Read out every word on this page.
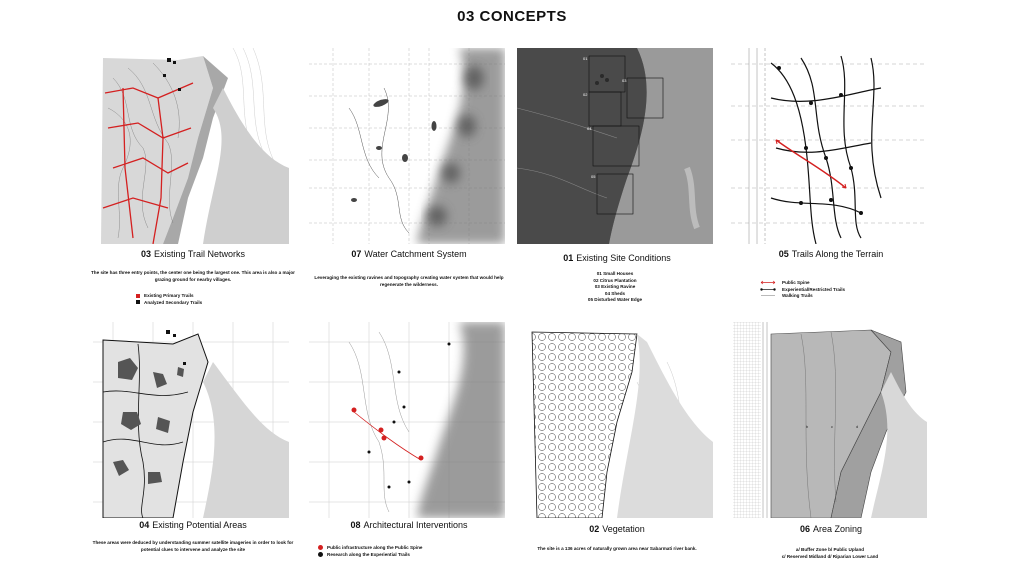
03 CONCEPTS
03 Existing Trail Networks
The site has three entry points, the center one being the largest one. This area is also a major grazing ground for nearby villages.
Existing Primary Trails
Analyzed Secondary Trails
07 Water Catchment System
Leveraging the existing ravines and topography creating water system that would help regenerate the wilderness.
01
02
03
04
05
01 Existing Site Conditions
01 Small Houses
02 Citrus Plantation
03 Existing Ravine
04 Sheds
05 Disturbed Water Edge
05 Trails Along the Terrain
Public Spine
Experiential/Restricted Trails
Walking Trails
04 Existing Potential Areas
These areas were deduced by understanding summer satellite imageries in order to look for potential clues to intervene and analyze the site
08 Architectural Interventions
Public infrastructure along the Public Spine
Research along the Experiential Trails
02 Vegetation
The site is a 136 acres of naturally grown area near Sabarmati river bank.
b	c	d
06 Area Zoning
a/ Buffer Zone b/ Public Upland
c/ Reserved Midland d/ Riparian Lower Land
